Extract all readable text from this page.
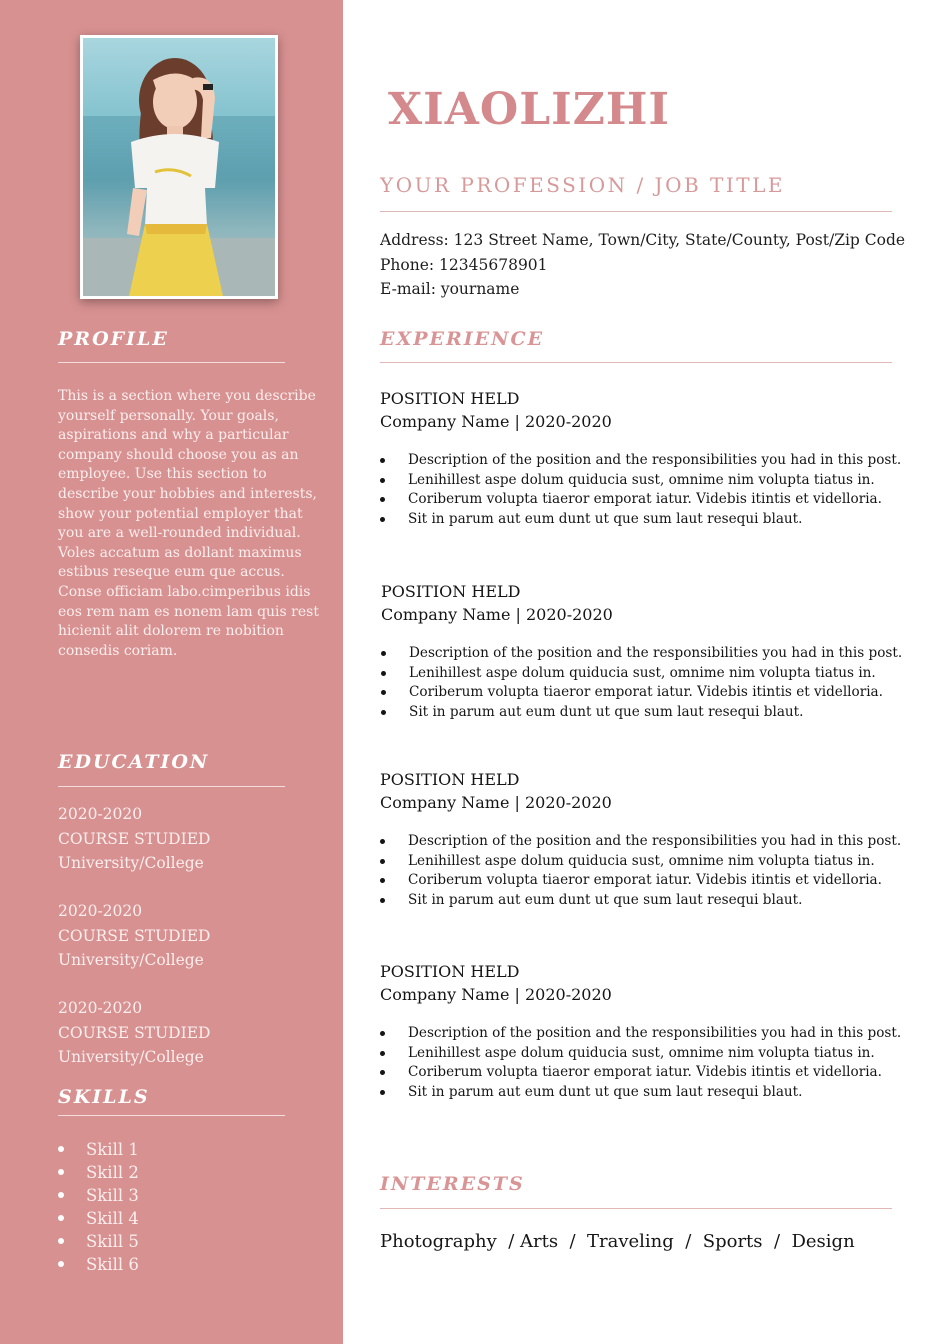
PROFILE
This is a section where you describe yourself personally. Your goals, aspirations and why a particular company should choose you as an employee. Use this section to describe your hobbies and interests, show your potential employer that you are a well-rounded individual. Voles accatum as dollant maximus estibus reseque eum que accus. Conse officiam labo.cimperibus idis eos rem nam es nonem lam quis rest hicienit alit dolorem re nobition consedis coriam.
EDUCATION
2020-2020
COURSE STUDIED
University/College
2020-2020
COURSE STUDIED
University/College
2020-2020
COURSE STUDIED
University/College
SKILLS
Skill 1
Skill 2
Skill 3
Skill 4
Skill 5
Skill 6
XIAOLIZHI
YOUR PROFESSION / JOB TITLE
Address: 123 Street Name, Town/City, State/County, Post/Zip Code
Phone: 12345678901
E-mail: yourname
EXPERIENCE
POSITION HELD
Company Name | 2020-2020
Description of the position and the responsibilities you had in this post.
Lenihillest aspe dolum quiducia sust, omnime nim volupta tiatus in.
Coriberum volupta tiaeror emporat iatur. Videbis itintis et videlloria.
Sit in parum aut eum dunt ut que sum laut resequi blaut.
POSITION HELD
Company Name | 2020-2020
Description of the position and the responsibilities you had in this post.
Lenihillest aspe dolum quiducia sust, omnime nim volupta tiatus in.
Coriberum volupta tiaeror emporat iatur. Videbis itintis et videlloria.
Sit in parum aut eum dunt ut que sum laut resequi blaut.
POSITION HELD
Company Name | 2020-2020
Description of the position and the responsibilities you had in this post.
Lenihillest aspe dolum quiducia sust, omnime nim volupta tiatus in.
Coriberum volupta tiaeror emporat iatur. Videbis itintis et videlloria.
Sit in parum aut eum dunt ut que sum laut resequi blaut.
POSITION HELD
Company Name | 2020-2020
Description of the position and the responsibilities you had in this post.
Lenihillest aspe dolum quiducia sust, omnime nim volupta tiatus in.
Coriberum volupta tiaeror emporat iatur. Videbis itintis et videlloria.
Sit in parum aut eum dunt ut que sum laut resequi blaut.
INTERESTS
Photography  / Arts  /  Traveling  /  Sports  /  Design
